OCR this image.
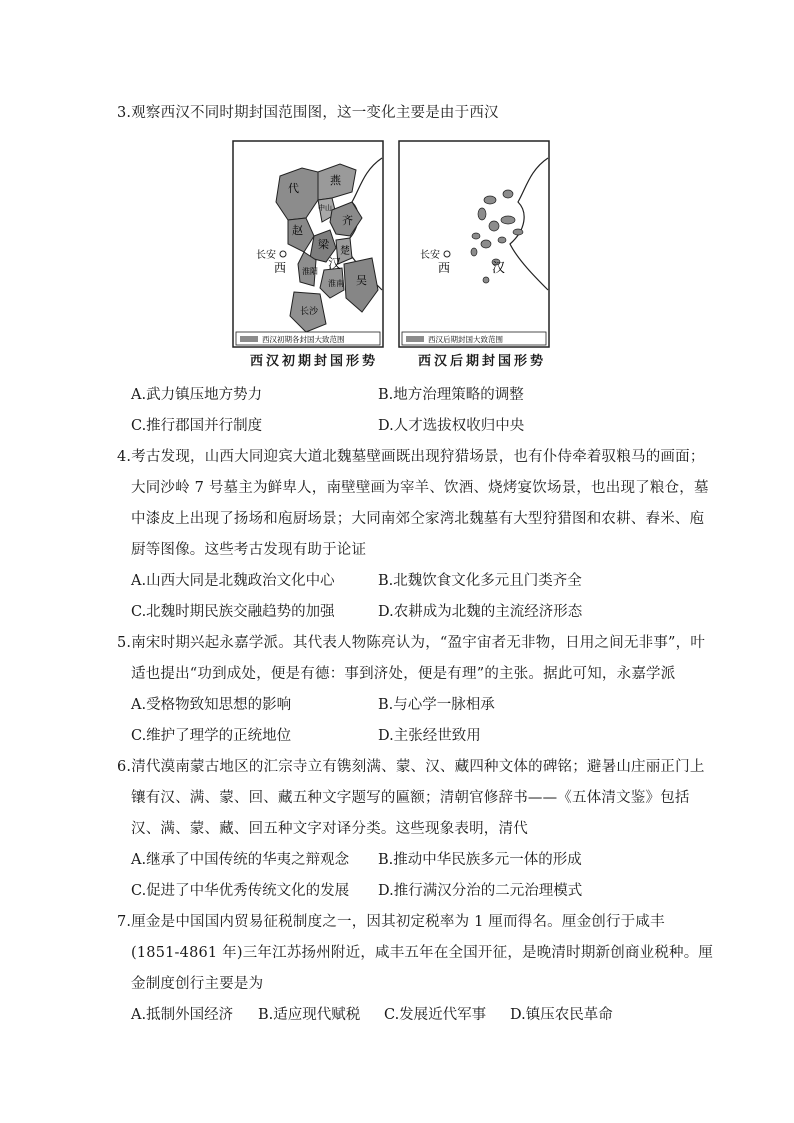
3.观察西汉不同时期封国范围图，这一变化主要是由于西汉
代
燕
中山
赵
齐
梁
楚
淮阳 汉
淮南 吴
长沙
长安
西
西汉初期各封国大致范围
西汉初期封国形势
长安
西	汉
西汉后期封国大致范围
西汉后期封国形势
A.武力镇压地方势力	B.地方治理策略的调整
C.推行郡国并行制度	D.人才选拔权收归中央
4.考古发现，山西大同迎宾大道北魏墓壁画既出现狩猎场景，也有仆侍牵着驭粮马的画面；
大同沙岭 7 号墓主为鲜卑人，南壁壁画为宰羊、饮酒、烧烤宴饮场景，也出现了粮仓，墓
中漆皮上出现了扬场和庖厨场景；大同南郊仝家湾北魏墓有大型狩猎图和农耕、舂米、庖
厨等图像。这些考古发现有助于论证
A.山西大同是北魏政治文化中心	B.北魏饮食文化多元且门类齐全
C.北魏时期民族交融趋势的加强	D.农耕成为北魏的主流经济形态
5.南宋时期兴起永嘉学派。其代表人物陈亮认为，“盈宇宙者无非物，日用之间无非事”，叶
适也提出“功到成处，便是有德：事到济处，便是有理”的主张。据此可知，永嘉学派
A.受格物致知思想的影响	B.与心学一脉相承
C.维护了理学的正统地位	D.主张经世致用
6.清代漠南蒙古地区的汇宗寺立有镌刻满、蒙、汉、藏四种文体的碑铭；避暑山庄丽正门上
镶有汉、满、蒙、回、藏五种文字题写的匾额；清朝官修辞书——《五体清文鉴》包括
汉、满、蒙、藏、回五种文字对译分类。这些现象表明，清代
A.继承了中国传统的华夷之辩观念 B.推动中华民族多元一体的形成
C.促进了中华优秀传统文化的发展 D.推行满汉分治的二元治理模式
7.厘金是中国国内贸易征税制度之一，因其初定税率为 1 厘而得名。厘金创行于咸丰
(1851-4861 年)三年江苏扬州附近，咸丰五年在全国开征，是晚清时期新创商业税种。厘
金制度创行主要是为
A.抵制外国经济 B.适应现代赋税 C.发展近代军事 D.镇压农民革命
